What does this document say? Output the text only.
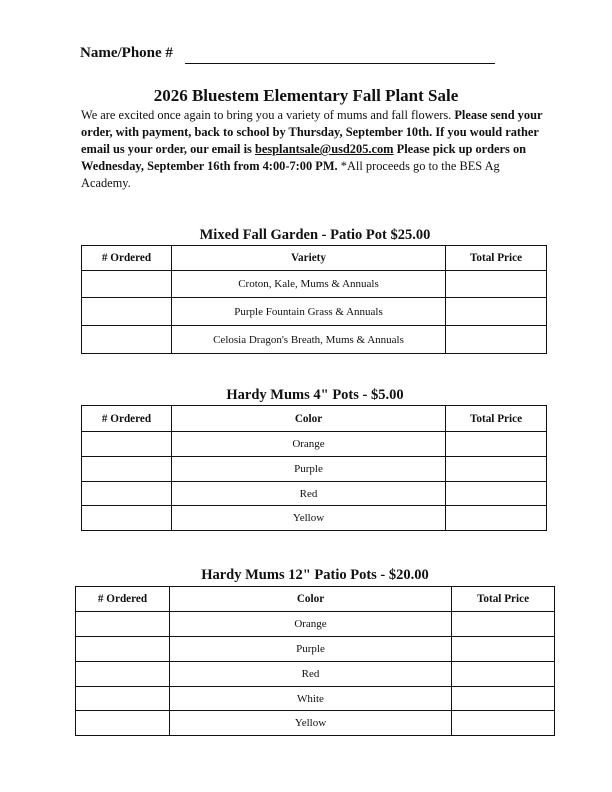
Name/Phone #
2026 Bluestem Elementary Fall Plant Sale
We are excited once again to bring you a variety of mums and fall flowers. Please send your order, with payment, back to school by Thursday, September 10th. If you would rather email us your order, our email is besplantsale@usd205.com Please pick up orders on Wednesday, September 16th from 4:00-7:00 PM. *All proceeds go to the BES Ag Academy.
Mixed Fall Garden - Patio Pot $25.00
# Ordered	Variety	Total Price
	Croton, Kale, Mums & Annuals	
	Purple Fountain Grass & Annuals	
	Celosia Dragon's Breath, Mums & Annuals	
Hardy Mums 4" Pots - $5.00
# Ordered	Color	Total Price
	Orange	
	Purple	
	Red	
	Yellow	
Hardy Mums 12" Patio Pots - $20.00
# Ordered	Color	Total Price
	Orange	
	Purple	
	Red	
	White	
	Yellow	
